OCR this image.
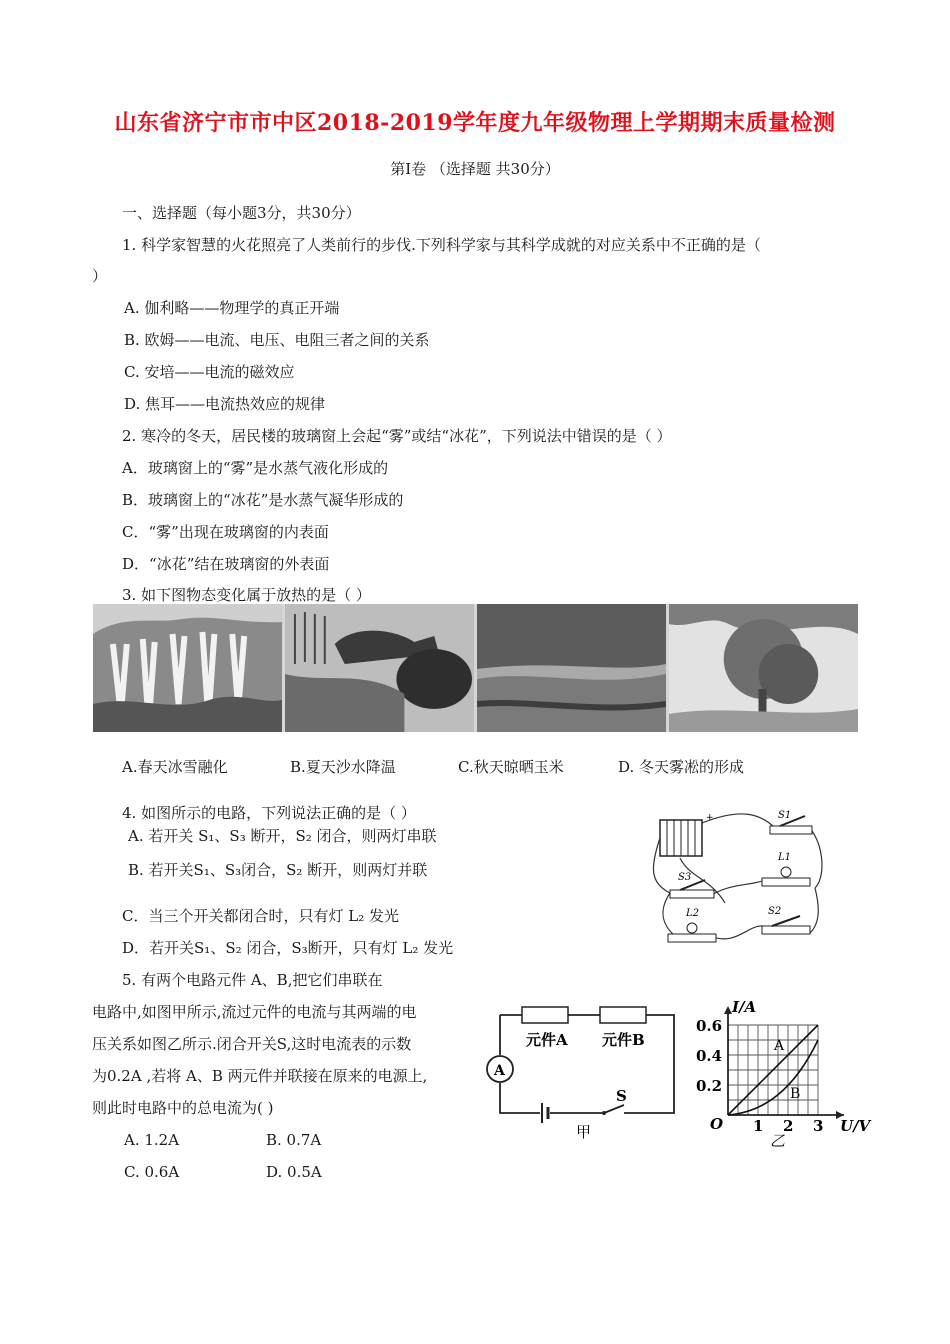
山东省济宁市市中区2018-2019学年度九年级物理上学期期末质量检测
第Ⅰ卷 （选择题 共30分）
一、选择题（每小题3分，共30分）
1. 科学家智慧的火花照亮了人类前行的步伐.下列科学家与其科学成就的对应关系中不正确的是（
）
A. 伽利略——物理学的真正开端
B. 欧姆——电流、电压、电阻三者之间的关系
C. 安培——电流的磁效应
D. 焦耳——电流热效应的规律
2. 寒冷的冬天，居民楼的玻璃窗上会起“雾”或结“冰花”，下列说法中错误的是（ ）
A．玻璃窗上的“雾”是水蒸气液化形成的
B．玻璃窗上的“冰花”是水蒸气凝华形成的
C．“雾”出现在玻璃窗的内表面
D．“冰花”结在玻璃窗的外表面
3. 如下图物态变化属于放热的是（ ）
A.春天冰雪融化	B.夏天沙水降温	C.秋天晾晒玉米	D. 冬天雾凇的形成
4. 如图所示的电路，下列说法正确的是（ ）
A. 若开关 S₁、S₃ 断开，S₂ 闭合，则两灯串联
B. 若开关S₁、S₃闭合，S₂ 断开，则两灯并联
C．当三个开关都闭合时，只有灯 L₂ 发光
D．若开关S₁、S₂ 闭合，S₃断开，只有灯 L₂ 发光
+	S1
L1
S3
S2
L2
5. 有两个电路元件 A、B,把它们串联在
电路中,如图甲所示,流过元件的电流与其两端的电
压关系如图乙所示.闭合开关S,这时电流表的示数
为0.2A ,若将 A、B 两元件并联接在原来的电源上,
则此时电路中的总电流为( )
A. 1.2A	B. 0.7A
C. 0.6A	D. 0.5A
元件A 元件B
A
S
甲
A
B
I/A
0.6
0.4
0.2
O 1 2 3 U/V
乙
